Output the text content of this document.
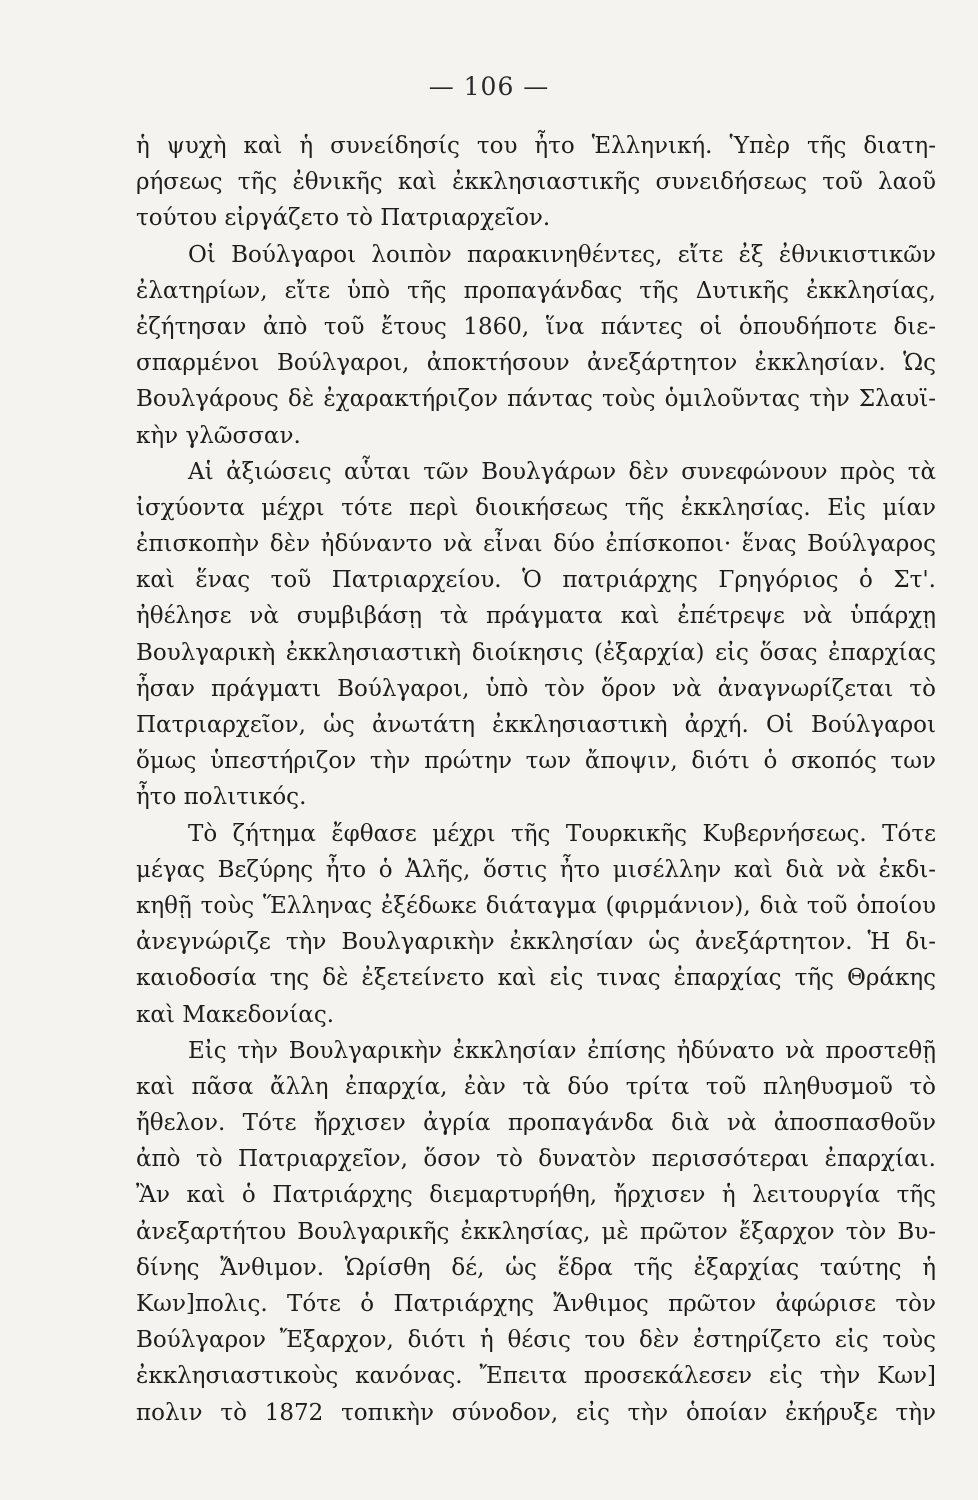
— 106 —
ἡ ψυχὴ καὶ ἡ συνείδησίς του ἦτο Ἑλληνική. Ὑπὲρ τῆς διατη-
ρήσεως τῆς ἐθνικῆς καὶ ἐκκλησιαστικῆς συνειδήσεως τοῦ λαοῦ
τούτου εἰργάζετο τὸ Πατριαρχεῖον.
Οἱ Βούλγαροι λοιπὸν παρακινηθέντες, εἴτε ἐξ ἐθνικιστικῶν
ἐλατηρίων, εἴτε ὑπὸ τῆς προπαγάνδας τῆς Δυτικῆς ἐκκλησίας,
ἐζήτησαν ἀπὸ τοῦ ἔτους 1860, ἵνα πάντες οἱ ὁπουδήποτε διε-
σπαρμένοι Βούλγαροι, ἀποκτήσουν ἀνεξάρτητον ἐκκλησίαν. Ὡς
Βουλγάρους δὲ ἐχαρακτήριζον πάντας τοὺς ὁμιλοῦντας τὴν Σλαυϊ-
κὴν γλῶσσαν.
Αἱ ἀξιώσεις αὗται τῶν Βουλγάρων δὲν συνεφώνουν πρὸς τὰ
ἰσχύοντα μέχρι τότε περὶ διοικήσεως τῆς ἐκκλησίας. Εἰς μίαν
ἐπισκοπὴν δὲν ἠδύναντο νὰ εἶναι δύο ἐπίσκοποι· ἕνας Βούλγαρος
καὶ ἕνας τοῦ Πατριαρχείου. Ὁ πατριάρχης Γρηγόριος ὁ Στ'.
ἠθέλησε νὰ συμβιβάσῃ τὰ πράγματα καὶ ἐπέτρεψε νὰ ὑπάρχῃ
Βουλγαρικὴ ἐκκλησιαστικὴ διοίκησις (ἐξαρχία) εἰς ὅσας ἐπαρχίας
ἦσαν πράγματι Βούλγαροι, ὑπὸ τὸν ὅρον νὰ ἀναγνωρίζεται τὸ
Πατριαρχεῖον, ὡς ἀνωτάτη ἐκκλησιαστικὴ ἀρχή. Οἱ Βούλγαροι
ὅμως ὑπεστήριζον τὴν πρώτην των ἄποψιν, διότι ὁ σκοπός των
ἦτο πολιτικός.
Τὸ ζήτημα ἔφθασε μέχρι τῆς Τουρκικῆς Κυβερνήσεως. Τότε
μέγας Βεζύρης ἦτο ὁ Ἀλῆς, ὅστις ἦτο μισέλλην καὶ διὰ νὰ ἐκδι-
κηθῇ τοὺς Ἕλληνας ἐξέδωκε διάταγμα (φιρμάνιον), διὰ τοῦ ὁποίου
ἀνεγνώριζε τὴν Βουλγαρικὴν ἐκκλησίαν ὡς ἀνεξάρτητον. Ἡ δι-
καιοδοσία της δὲ ἐξετείνετο καὶ εἰς τινας ἐπαρχίας τῆς Θράκης
καὶ Μακεδονίας.
Εἰς τὴν Βουλγαρικὴν ἐκκλησίαν ἐπίσης ἠδύνατο νὰ προστεθῇ
καὶ πᾶσα ἄλλη ἐπαρχία, ἐὰν τὰ δύο τρίτα τοῦ πληθυσμοῦ τὸ
ἤθελον. Τότε ἤρχισεν ἀγρία προπαγάνδα διὰ νὰ ἀποσπασθοῦν
ἀπὸ τὸ Πατριαρχεῖον, ὅσον τὸ δυνατὸν περισσότεραι ἐπαρχίαι.
Ἂν καὶ ὁ Πατριάρχης διεμαρτυρήθη, ἤρχισεν ἡ λειτουργία τῆς
ἀνεξαρτήτου Βουλγαρικῆς ἐκκλησίας, μὲ πρῶτον ἔξαρχον τὸν Βυ-
δίνης Ἄνθιμον. Ὡρίσθη δέ, ὡς ἕδρα τῆς ἐξαρχίας ταύτης ἡ
Κων]πολις. Τότε ὁ Πατριάρχης Ἄνθιμος πρῶτον ἀφώρισε τὸν
Βούλγαρον Ἔξαρχον, διότι ἡ θέσις του δὲν ἐστηρίζετο εἰς τοὺς
ἐκκλησιαστικοὺς κανόνας. Ἔπειτα προσεκάλεσεν εἰς τὴν Κων]
πολιν τὸ 1872 τοπικὴν σύνοδον, εἰς τὴν ὁποίαν ἐκήρυξε τὴν
